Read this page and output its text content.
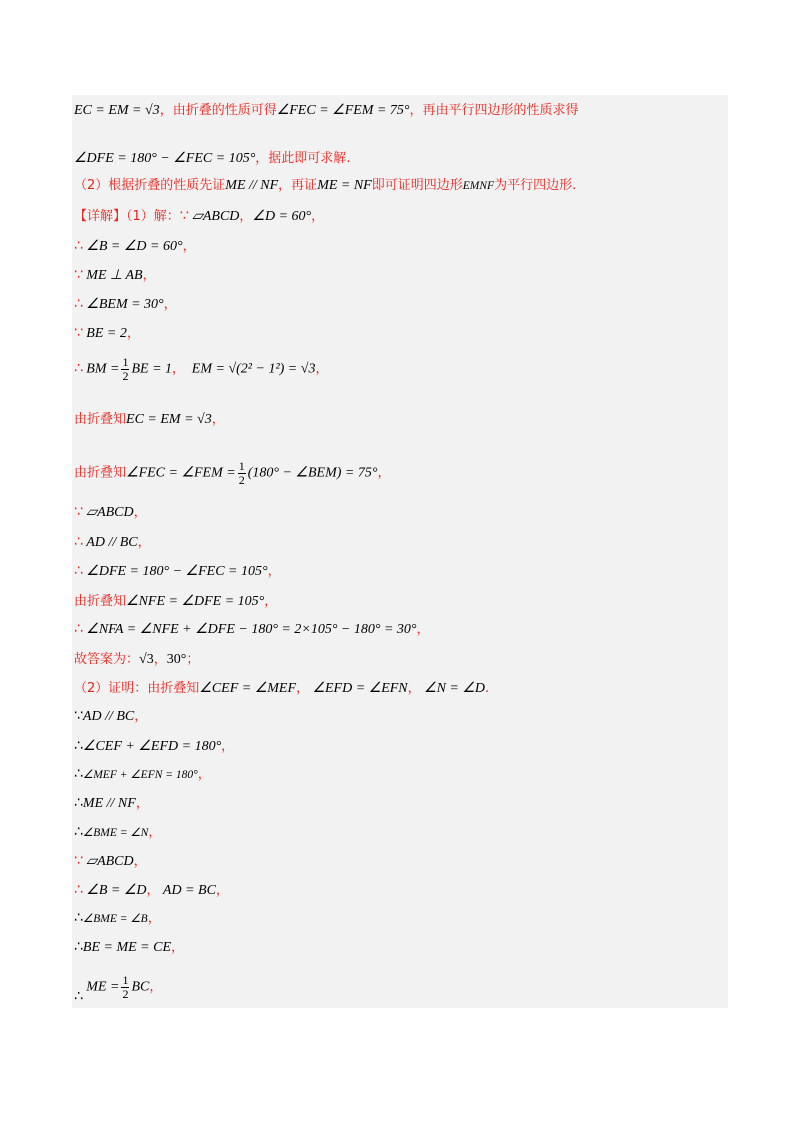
EC = EM = √3，由折叠的性质可得∠FEC = ∠FEM = 75°，再由平行四边形的性质求得
∠DFE = 180° − ∠FEC = 105°，据此即可求解.
（2）根据折叠的性质先证ME // NF，再证ME = NF即可证明四边形EMNF为平行四边形.
【详解】（1）解：∵ ▱ABCD，∠D = 60°，
∴ ∠B = ∠D = 60°，
∵ ME ⊥ AB，
∴ ∠BEM = 30°，
∵ BE = 2，
∴ BM = $\frac{1}{2}$ BE = 1， EM = √(2² − 1²) = √3，
由折叠知EC = EM = √3，
由折叠知∠FEC = ∠FEM = $\frac{1}{2} (180^\circ$ − ∠BEM) = 75°，
∵ ▱ABCD，
∴ AD // BC，
∴ ∠DFE = 180° − ∠FEC = 105°，
由折叠知∠NFE = ∠DFE = 105°，
∴ ∠NFA = ∠NFE + ∠DFE − 180° = 2×105° − 180° = 30°，
故答案为：√3，30°；
（2）证明：由折叠知∠CEF = ∠MEF， ∠EFD = ∠EFN， ∠N = ∠D.
∵AD // BC，
∴∠CEF + ∠EFD = 180°，
∴∠MEF + ∠EFN = 180°，
∴ME // NF，
∴∠BME = ∠N，
∵ ▱ABCD，
∴ ∠B = ∠D， AD = BC，
∴∠BME = ∠B，
∴BE = ME = CE，
∴ ME = $\frac{1}{2}$ BC，
